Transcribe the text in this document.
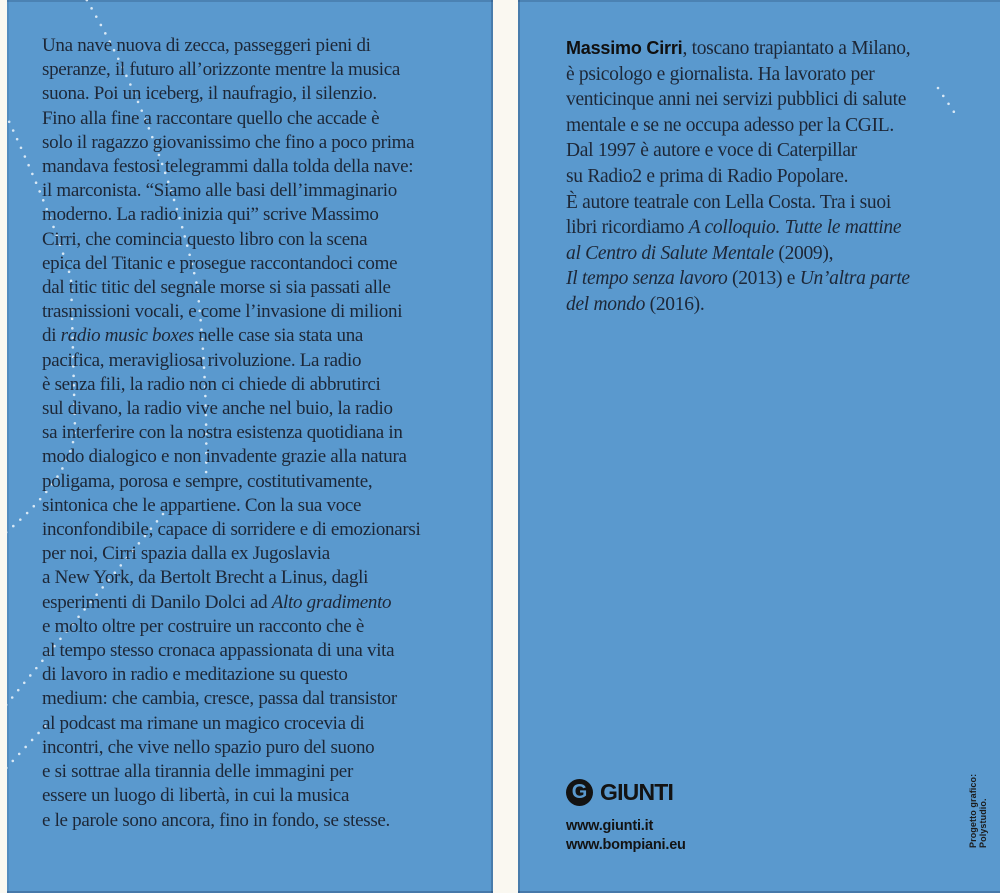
Una nave nuova di zecca, passeggeri pieni di
speranze, il futuro all’orizzonte mentre la musica
suona. Poi un iceberg, il naufragio, il silenzio.
Fino alla fine a raccontare quello che accade è
solo il ragazzo giovanissimo che fino a poco prima
mandava festosi telegrammi dalla tolda della nave:
il marconista. “Siamo alle basi dell’immaginario
moderno. La radio inizia qui” scrive Massimo
Cirri, che comincia questo libro con la scena
epica del Titanic e prosegue raccontandoci come
dal titic titic del segnale morse si sia passati alle
trasmissioni vocali, e come l’invasione di milioni
di radio music boxes nelle case sia stata una
pacifica, meravigliosa rivoluzione. La radio
è senza fili, la radio non ci chiede di abbrutirci
sul divano, la radio vive anche nel buio, la radio
sa interferire con la nostra esistenza quotidiana in
modo dialogico e non invadente grazie alla natura
poligama, porosa e sempre, costitutivamente,
sintonica che le appartiene. Con la sua voce
inconfondibile, capace di sorridere e di emozionarsi
per noi, Cirri spazia dalla ex Jugoslavia
a New York, da Bertolt Brecht a Linus, dagli
esperimenti di Danilo Dolci ad Alto gradimento
e molto oltre per costruire un racconto che è
al tempo stesso cronaca appassionata di una vita
di lavoro in radio e meditazione su questo
medium: che cambia, cresce, passa dal transistor
al podcast ma rimane un magico crocevia di
incontri, che vive nello spazio puro del suono
e si sottrae alla tirannia delle immagini per
essere un luogo di libertà, in cui la musica
e le parole sono ancora, fino in fondo, se stesse.
Massimo Cirri, toscano trapiantato a Milano,
è psicologo e giornalista. Ha lavorato per
venticinque anni nei servizi pubblici di salute
mentale e se ne occupa adesso per la CGIL.
Dal 1997 è autore e voce di Caterpillar
su Radio2 e prima di Radio Popolare.
È autore teatrale con Lella Costa. Tra i suoi
libri ricordiamo A colloquio. Tutte le mattine
al Centro di Salute Mentale (2009),
Il tempo senza lavoro (2013) e Un’altra parte
del mondo (2016).
G GIUNTI
www.giunti.it
www.bompiani.eu	Progetto grafico: Polystudio.
